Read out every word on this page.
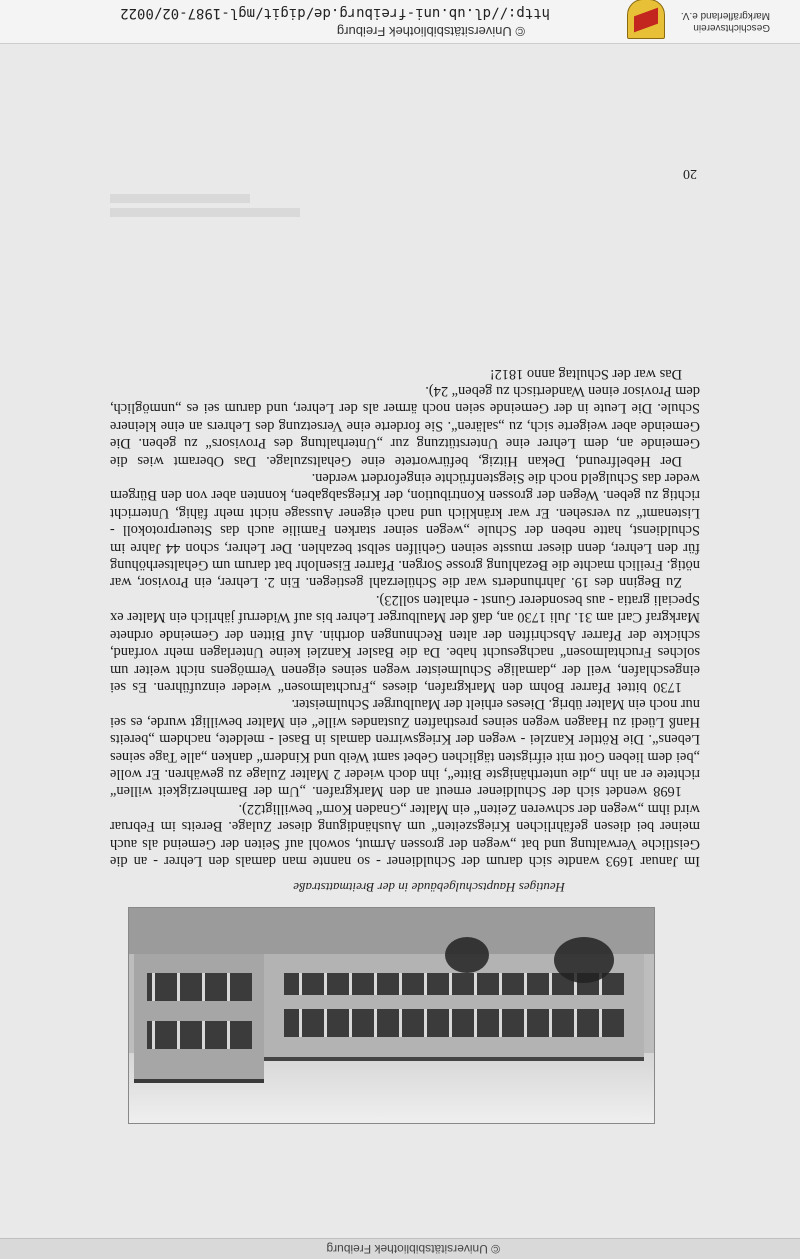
© Universitätsbibliothek Freiburg
Heutiges Hauptschulgebäude in der Breitmattstraße

Im Januar 1693 wandte sich darum der Schuldiener - so nannte man damals den Lehrer - an die Geistliche Verwaltung und bat „wegen der grossen Armut, sowohl auf Seiten der Gemeind als auch meiner bei diesen gefährlichen Kriegszeiten“ um Aushändigung dieser Zulage. Bereits im Februar wird ihm „wegen der schweren Zeiten“ ein Malter „Gnaden Korn“ bewilligt22).

1698 wendet sich der Schuldiener erneut an den Markgrafen. „Um der Barmherzigkeit willen“ richtete er an ihn „die unterthänigste Bitte“, ihn doch wieder 2 Malter Zulage zu gewähren. Er wolle „bei dem lieben Gott mit eifrigsten täglichen Gebet samt Weib und Kindern“ danken „alle Tage seines Lebens“. Die Röttler Kanzlei - wegen der Kriegswirren damals in Basel - meldete, nachdem „bereits Hanß Lüedi zu Haagen wegen seines presthaften Zustandes wille“ ein Malter bewilligt wurde, es sei nur noch ein Malter übrig. Dieses erhielt der Maulburger Schulmeister.

1730 bittet Pfarrer Bohm den Markgrafen, dieses „Fruchtalmosen“ wieder einzuführen. Es sei eingeschlafen, weil der „damalige Schulmeister wegen seines eigenen Vermögens nicht weiter um solches Fruchtalmosen“ nachgesucht habe. Da die Basler Kanzlei keine Unterlagen mehr vorfand, schickte der Pfarrer Abschriften der alten Rechnungen dorthin. Auf Bitten der Gemeinde ordnete Markgraf Carl am 31. Juli 1730 an, daß der Maulburger Lehrer bis auf Widerruf jährlich ein Malter ex Speciali gratia - aus besonderer Gunst - erhalten soll23).

Zu Beginn des 19. Jahrhunderts war die Schülerzahl gestiegen. Ein 2. Lehrer, ein Provisor, war nötig. Freilich machte die Bezahlung grosse Sorgen. Pfarrer Eisenlohr bat darum um Gehaltserhöhung für den Lehrer, denn dieser musste seinen Gehilfen selbst bezahlen. Der Lehrer, schon 44 Jahre im Schuldienst, hatte neben der Schule „wegen seiner starken Familie auch das Steuerprotokoll - Listenamt“ zu versehen. Er war kränklich und nach eigener Aussage nicht mehr fähig, Unterricht richtig zu geben. Wegen der grossen Kontribution, der Kriegsabgaben, konnten aber von den Bürgern weder das Schulgeld noch die Siegstenfrüchte eingefordert werden.

Der Hebelfreund, Dekan Hitzig, befürwortete eine Gehaltszulage. Das Oberamt wies die Gemeinde an, dem Lehrer eine Unterstützung zur „Unterhaltung des Provisors“ zu geben. Die Gemeinde aber weigerte sich, zu „salären“. Sie forderte eine Versetzung des Lehrers an eine kleinere Schule. Die Leute in der Gemeinde seien noch ärmer als der Lehrer, und darum sei es „unmöglich, dem Provisor einen Wandertisch zu geben“ 24).

Das war der Schultag anno 1812!

20
Geschichtsverein Markgräflerland e.V.
© Universitätsbibliothek Freiburg
http://dl.ub.uni-freiburg.de/digit/mgl-1987-02/0022
